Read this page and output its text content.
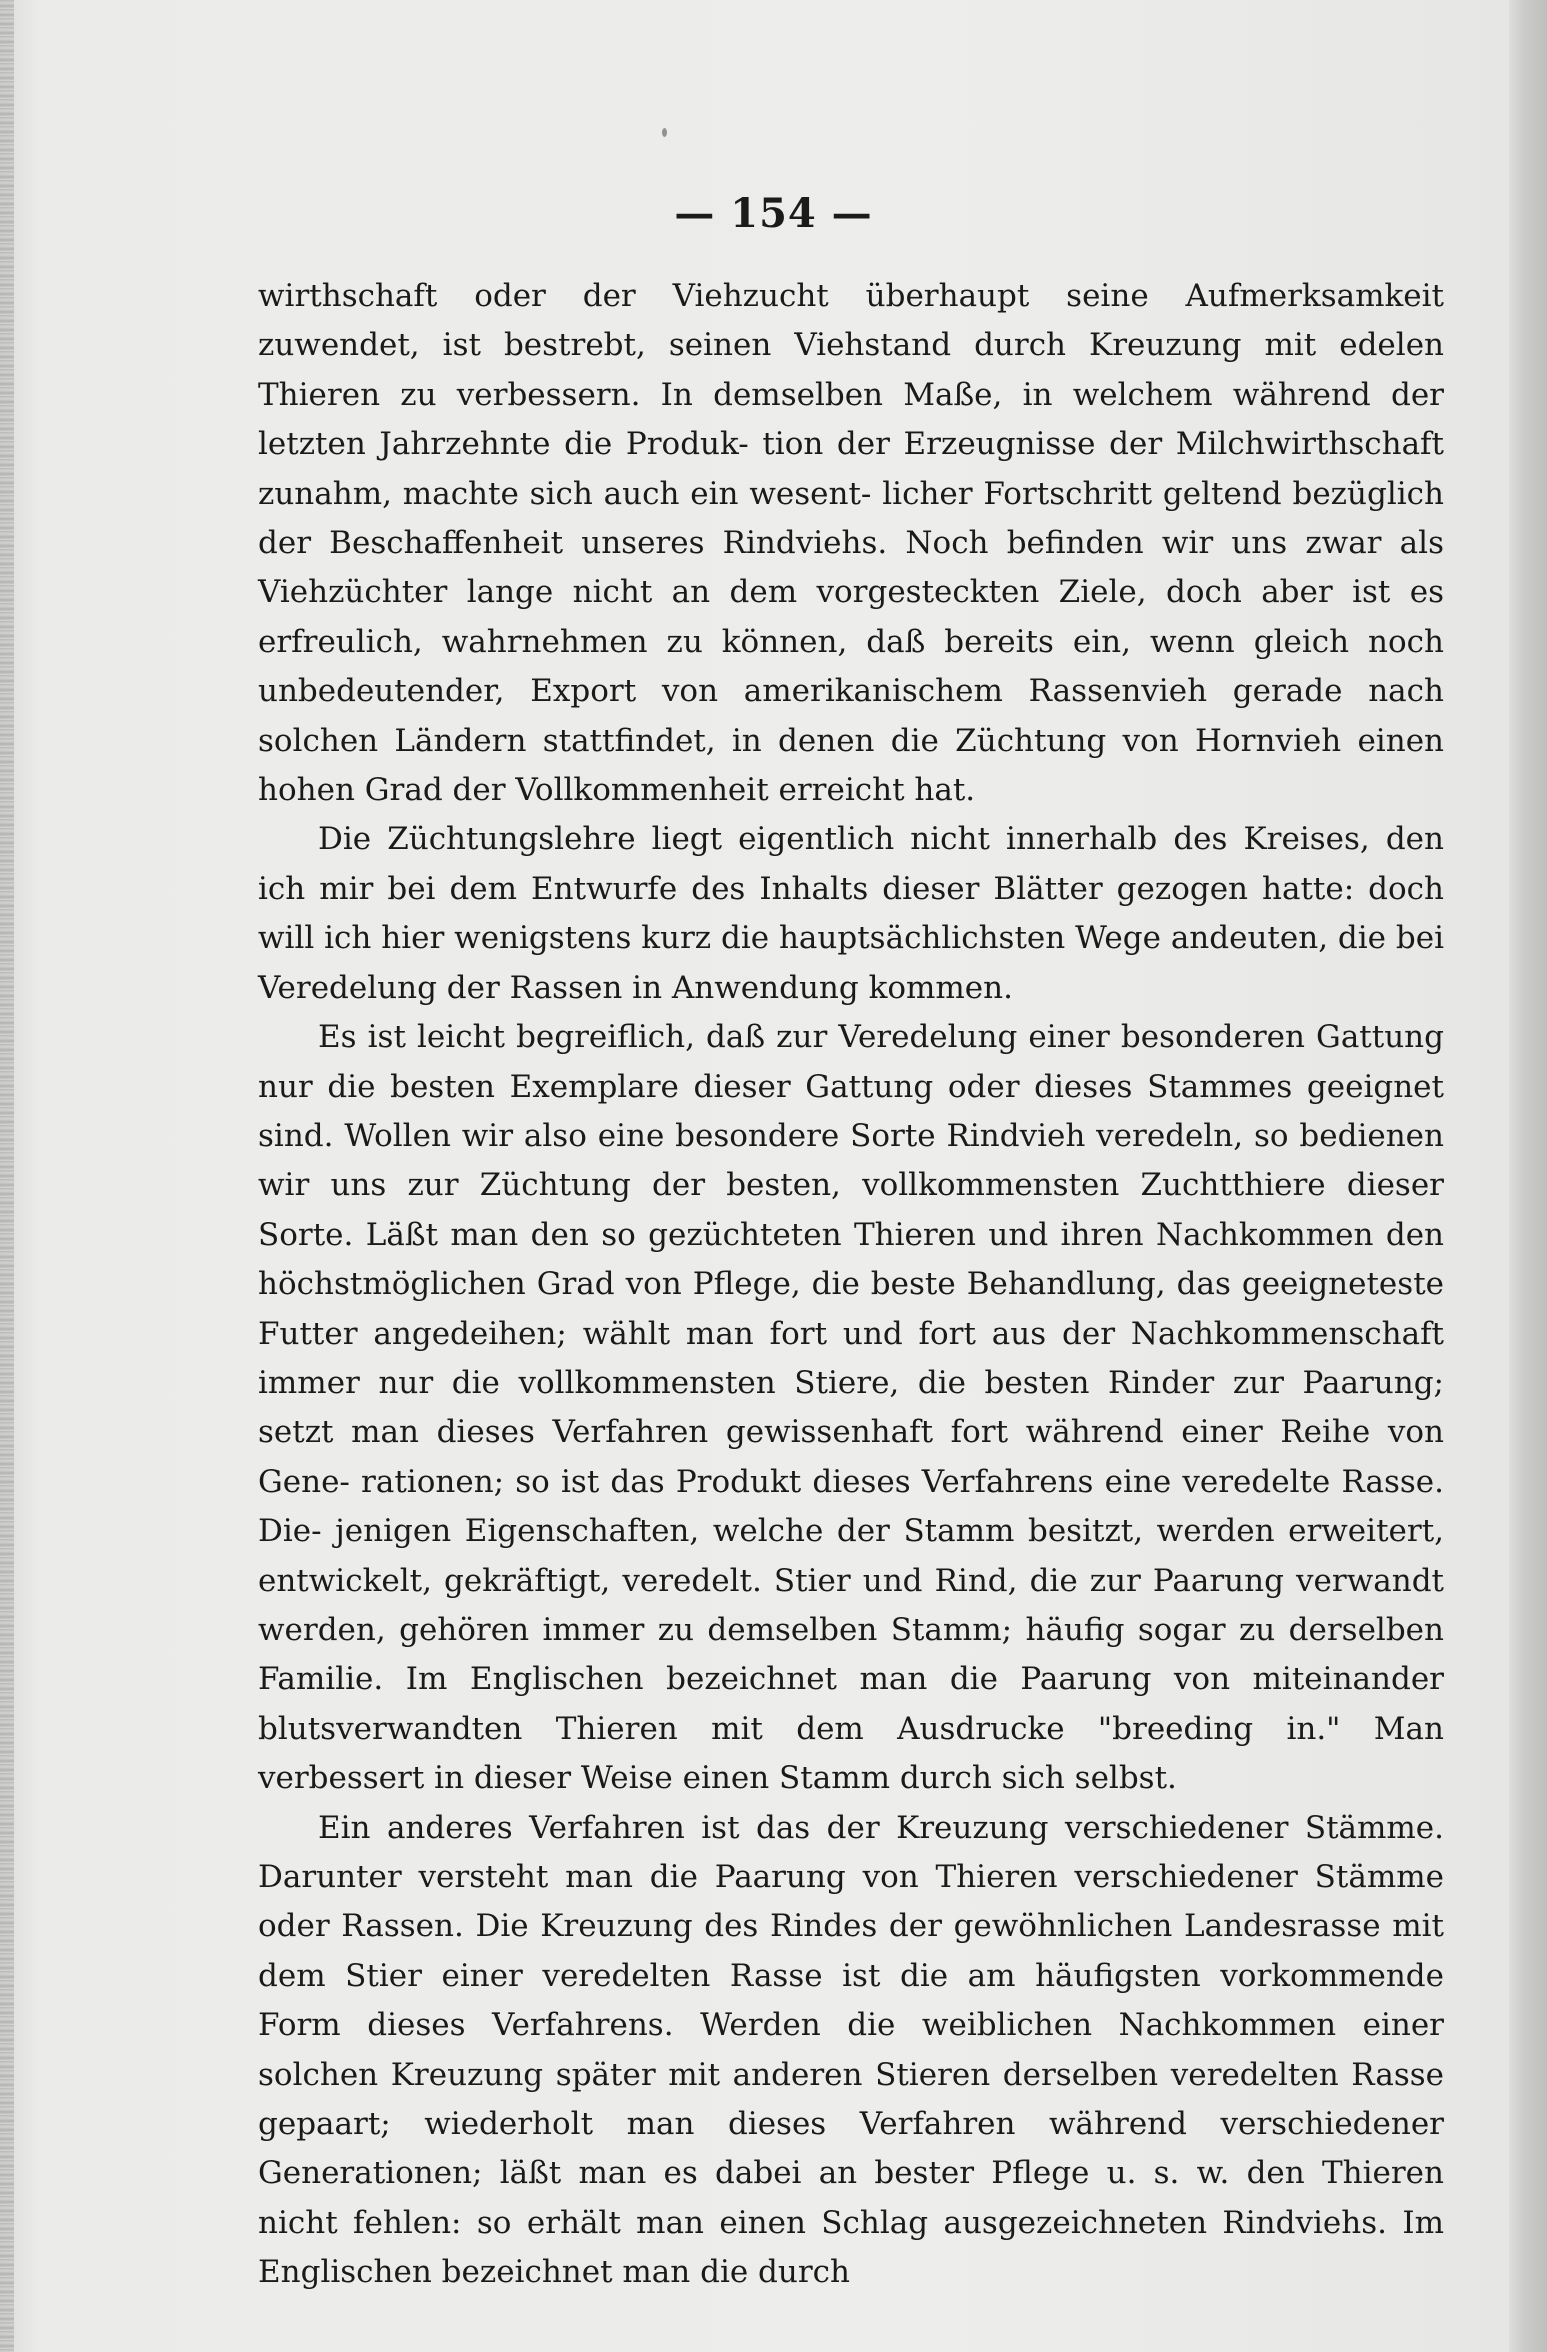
— 154 —

wirthschaft oder der Viehzucht überhaupt seine Aufmerksamkeit zuwendet, ist bestrebt, seinen Viehstand durch Kreuzung mit edelen Thieren zu verbessern. In demselben Maße, in welchem während der letzten Jahrzehnte die Produk- tion der Erzeugnisse der Milchwirthschaft zunahm, machte sich auch ein wesent- licher Fortschritt geltend bezüglich der Beschaffenheit unseres Rindviehs. Noch befinden wir uns zwar als Viehzüchter lange nicht an dem vorgesteckten Ziele, doch aber ist es erfreulich, wahrnehmen zu können, daß bereits ein, wenn gleich noch unbedeutender, Export von amerikanischem Rassenvieh gerade nach solchen Ländern stattfindet, in denen die Züchtung von Hornvieh einen hohen Grad der Vollkommenheit erreicht hat.

Die Züchtungslehre liegt eigentlich nicht innerhalb des Kreises, den ich mir bei dem Entwurfe des Inhalts dieser Blätter gezogen hatte: doch will ich hier wenigstens kurz die hauptsächlichsten Wege andeuten, die bei Veredelung der Rassen in Anwendung kommen.

Es ist leicht begreiflich, daß zur Veredelung einer besonderen Gattung nur die besten Exemplare dieser Gattung oder dieses Stammes geeignet sind. Wollen wir also eine besondere Sorte Rindvieh veredeln, so bedienen wir uns zur Züchtung der besten, vollkommensten Zuchtthiere dieser Sorte. Läßt man den so gezüchteten Thieren und ihren Nachkommen den höchstmöglichen Grad von Pflege, die beste Behandlung, das geeigneteste Futter angedeihen; wählt man fort und fort aus der Nachkommenschaft immer nur die vollkommensten Stiere, die besten Rinder zur Paarung; setzt man dieses Verfahren gewissenhaft fort während einer Reihe von Gene- rationen; so ist das Produkt dieses Verfahrens eine veredelte Rasse. Die- jenigen Eigenschaften, welche der Stamm besitzt, werden erweitert, entwickelt, gekräftigt, veredelt. Stier und Rind, die zur Paarung verwandt werden, gehören immer zu demselben Stamm; häufig sogar zu derselben Familie. Im Englischen bezeichnet man die Paarung von miteinander blutsverwandten Thieren mit dem Ausdrucke "breeding in." Man verbessert in dieser Weise einen Stamm durch sich selbst.

Ein anderes Verfahren ist das der Kreuzung verschiedener Stämme. Darunter versteht man die Paarung von Thieren verschiedener Stämme oder Rassen. Die Kreuzung des Rindes der gewöhnlichen Landesrasse mit dem Stier einer veredelten Rasse ist die am häufigsten vorkommende Form dieses Verfahrens. Werden die weiblichen Nachkommen einer solchen Kreuzung später mit anderen Stieren derselben veredelten Rasse gepaart; wiederholt man dieses Verfahren während verschiedener Generationen; läßt man es dabei an bester Pflege u. s. w. den Thieren nicht fehlen: so erhält man einen Schlag ausgezeichneten Rindviehs. Im Englischen bezeichnet man die durch
